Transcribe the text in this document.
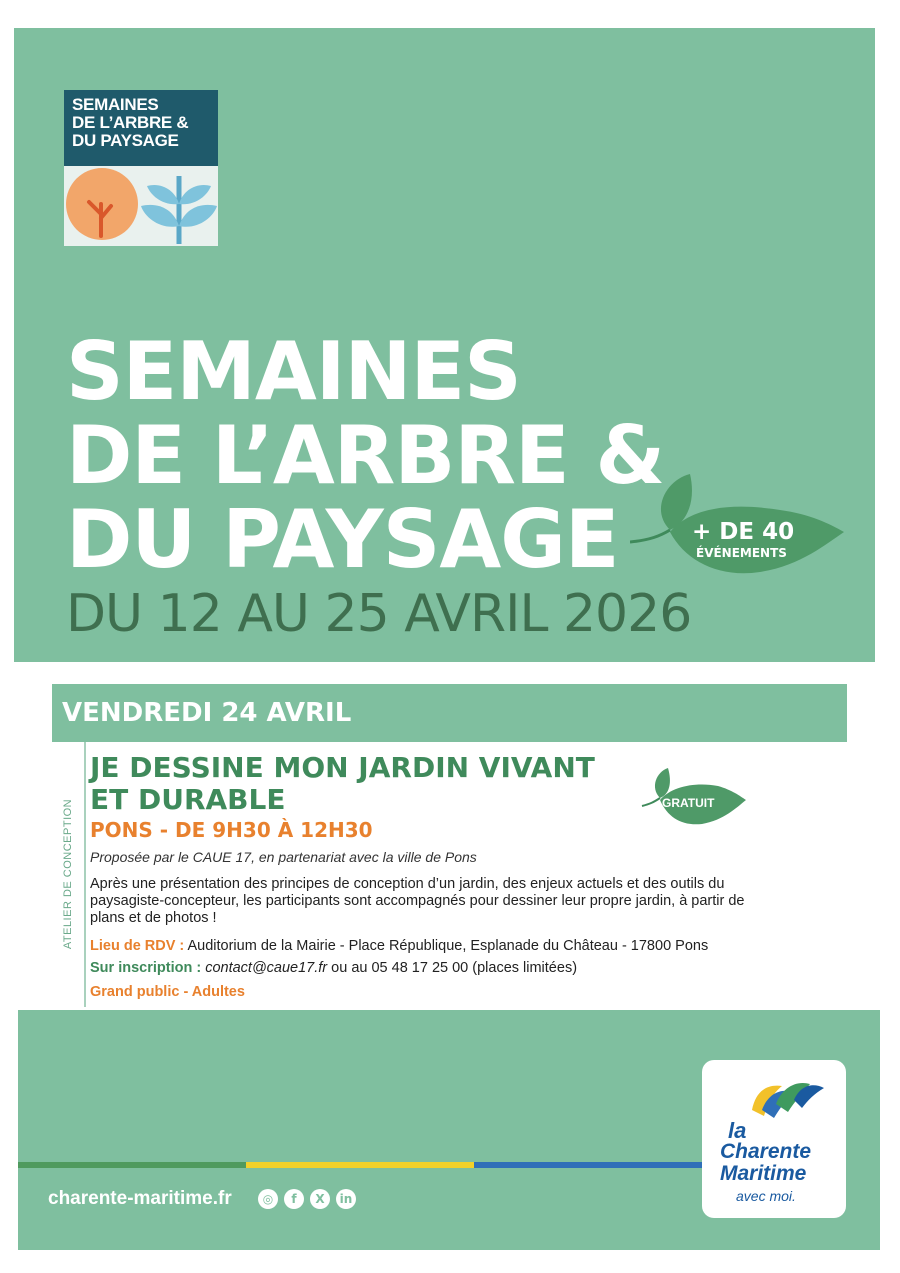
SEMAINES
DE L’ARBRE &
DU PAYSAGE
SEMAINES
DE L’ARBRE &
DU PAYSAGE	+ DE 40
ÉVÉNEMENTS
DU 12 AU 25 AVRIL 2026
VENDREDI 24 AVRIL
ATELIER DE CONCEPTION
JE DESSINE MON JARDIN VIVANT
ET DURABLE	GRATUIT
PONS - DE 9H30 À 12H30
Proposée par le CAUE 17, en partenariat avec la ville de Pons
Après une présentation des principes de conception d’un jardin, des enjeux actuels et des outils du paysagiste-concepteur, les participants sont accompagnés pour dessiner leur propre jardin, à partir de plans et de photos !
Lieu de RDV : Auditorium de la Mairie - Place République, Esplanade du Château - 17800 Pons
Sur inscription : contact@caue17.fr ou au 05 48 17 25 00 (places limitées)
Grand public - Adultes
charente-maritime.fr	◎	f	X	in
la
Charente
Maritime
avec moi.
